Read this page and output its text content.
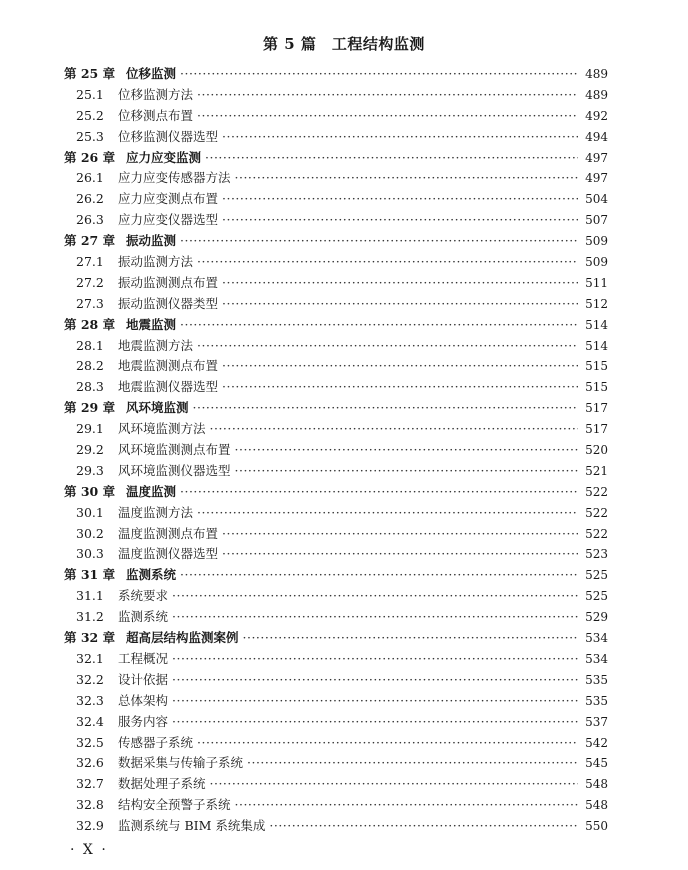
第 5 篇　工程结构监测
第 25 章 位移监测 ·····	489
25.1	位移监测方法 ·····	489
25.2	位移测点布置 ·····	492
25.3	位移监测仪器选型 ·····	494
第 26 章 应力应变监测 ·····	497
26.1	应力应变传感器方法 ·····	497
26.2	应力应变测点布置 ·····	504
26.3	应力应变仪器选型 ·····	507
第 27 章 振动监测 ·····	509
27.1	振动监测方法 ·····	509
27.2	振动监测测点布置 ·····	511
27.3	振动监测仪器类型 ·····	512
第 28 章 地震监测 ·····	514
28.1	地震监测方法 ·····	514
28.2	地震监测测点布置 ·····	515
28.3	地震监测仪器选型 ·····	515
第 29 章 风环境监测 ·····	517
29.1	风环境监测方法 ·····	517
29.2	风环境监测测点布置 ·····	520
29.3	风环境监测仪器选型 ·····	521
第 30 章 温度监测 ·····	522
30.1	温度监测方法 ·····	522
30.2	温度监测测点布置 ·····	522
30.3	温度监测仪器选型 ·····	523
第 31 章 监测系统 ·····	525
31.1	系统要求 ·····	525
31.2	监测系统 ·····	529
第 32 章 超高层结构监测案例 ·····	534
32.1	工程概况 ·····	534
32.2	设计依据 ·····	535
32.3	总体架构 ·····	535
32.4	服务内容 ·····	537
32.5	传感器子系统 ·····	542
32.6	数据采集与传输子系统 ·····	545
32.7	数据处理子系统 ·····	548
32.8	结构安全预警子系统 ·····	548
32.9	监测系统与 BIM 系统集成 ·····	550
· X ·
